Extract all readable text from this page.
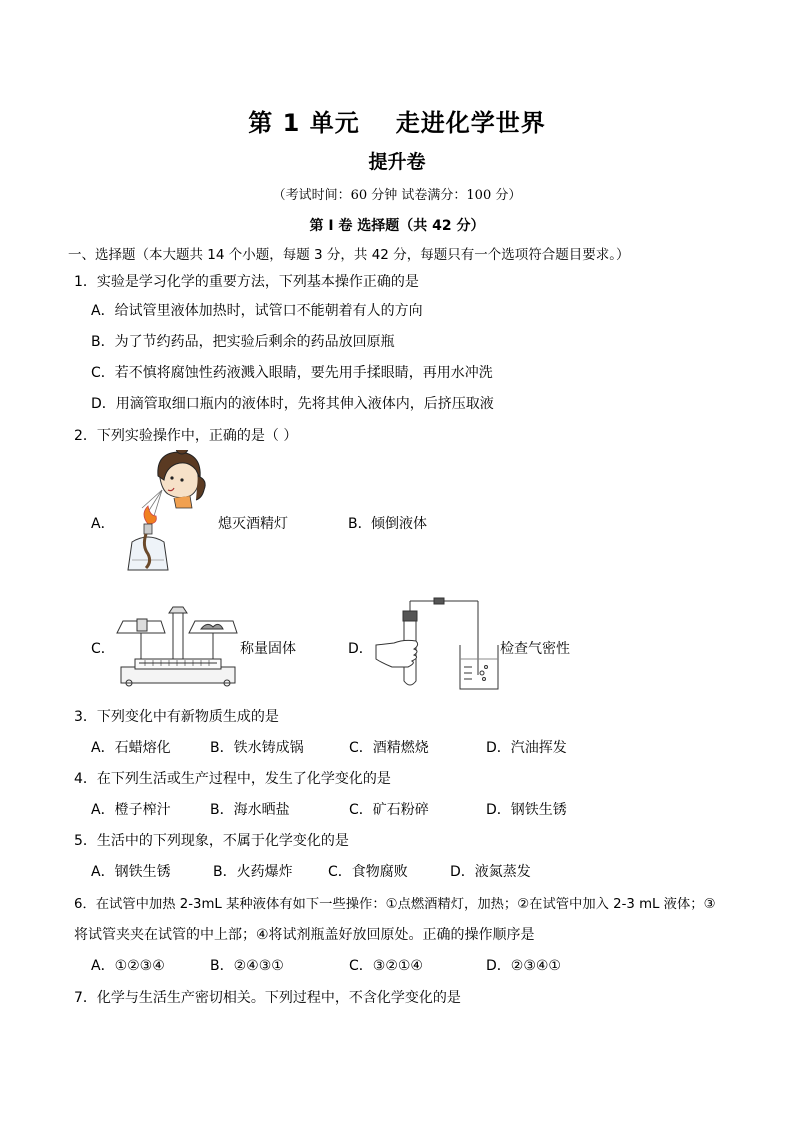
第 1 单元 走进化学世界
提升卷
（考试时间：60 分钟 试卷满分：100 分）
第 I 卷 选择题（共 42 分）
一、选择题（本大题共 14 个小题，每题 3 分，共 42 分，每题只有一个选项符合题目要求。）
1．实验是学习化学的重要方法，下列基本操作正确的是
A．给试管里液体加热时，试管口不能朝着有人的方向
B．为了节约药品，把实验后剩余的药品放回原瓶
C．若不慎将腐蚀性药液溅入眼睛，要先用手揉眼睛，再用水冲洗
D．用滴管取细口瓶内的液体时，先将其伸入液体内，后挤压取液
2．下列实验操作中，正确的是（ ）
A．	熄灭酒精灯	B． 倾倒液体
C．	称量固体	D．	检查气密性
3．下列变化中有新物质生成的是
A．石蜡熔化	B．铁水铸成锅	C．酒精燃烧	D．汽油挥发
4．在下列生活或生产过程中，发生了化学变化的是
A．橙子榨汁	B．海水晒盐	C．矿石粉碎	D．钢铁生锈
5．生活中的下列现象，不属于化学变化的是
A．钢铁生锈	B．火药爆炸	C．食物腐败	D．液氮蒸发
6．在试管中加热 2-3mL 某种液体有如下一些操作：①点燃酒精灯，加热；②在试管中加入 2-3 mL 液体；③
将试管夹夹在试管的中上部；④将试剂瓶盖好放回原处。正确的操作顺序是
A．①②③④	B．②④③①	C．③②①④	D．②③④①
7．化学与生活生产密切相关。下列过程中，不含化学变化的是
